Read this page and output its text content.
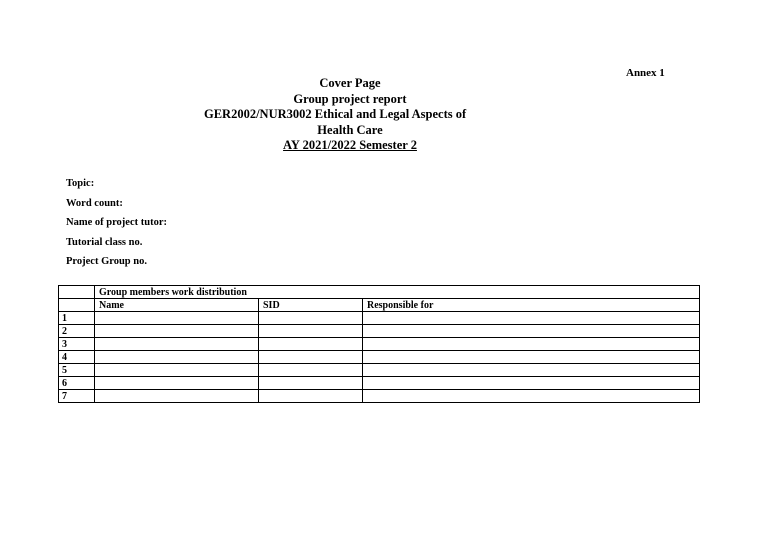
Annex 1
Cover Page
Group project report
GER2002/NUR3002 Ethical and Legal Aspects of
Health Care
AY 2021/2022 Semester 2
Topic:
Word count:
Name of project tutor:
Tutorial class no.
Project Group no.
	Group members work distribution		
	Name	SID	Responsible for
1			
2			
3			
4			
5			
6			
7			
